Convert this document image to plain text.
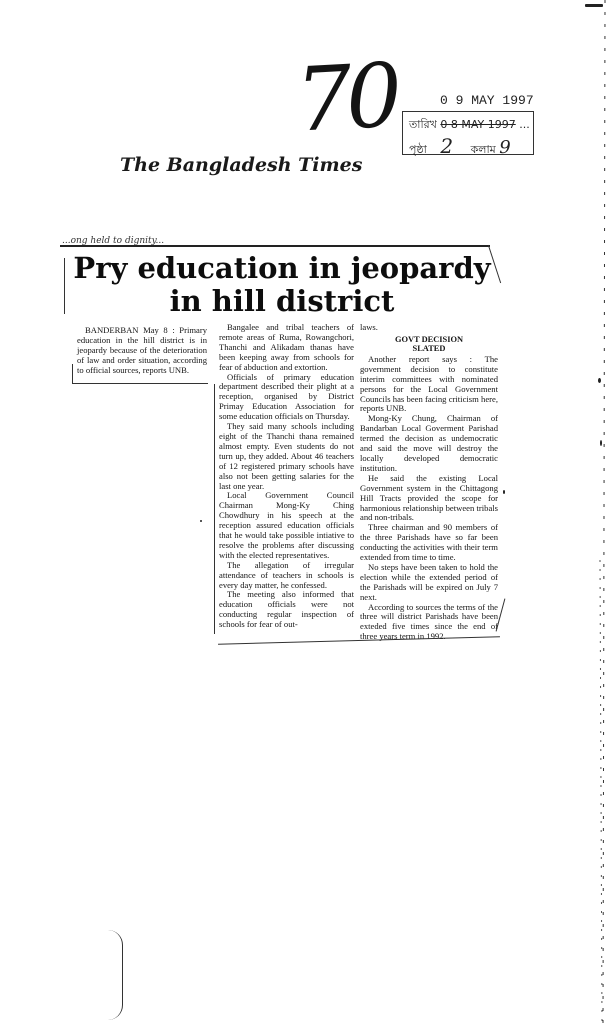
70	0 9 MAY 1997
তারিখ 0 8 MAY 1997 ...
পৃষ্ঠা 2 কলাম 9
The Bangladesh Times
...ong held to dignity...
Pry education in jeopardy
in hill district

BANDERBAN May 8 : Primary education in the hill district is in jeopardy because of the deterioration of law and order situation, according to official sources, reports UNB.

Bangalee and tribal teachers of remote areas of Ruma, Rowangchori, Thanchi and Alikadam thanas have been keeping away from schools for fear of abduction and extortion.

Officials of primary education department described their plight at a reception, organised by District Primay Education Association for some education officials on Thursday.

They said many schools including eight of the Thanchi thana remained almost empty. Even students do not turn up, they added. About 46 teachers of 12 registered primary schools have also not been getting salaries for the last one year.

Local Government Council Chairman Mong-Ky Ching Chowdhury in his speech at the reception assured education officials that he would take possible intiative to resolve the problems after discussing with the elected representatives.

The allegation of irregular attendance of teachers in schools is every day matter, he confessed.

The meeting also informed that education officials were not conducting regular inspection of schools for fear of out-

laws.

GOVT DECISION
SLATED

Another report says : The government decision to constitute interim committees with nominated persons for the Local Government Councils has been facing criticism here, reports UNB.

Mong-Ky Chung, Chairman of Bandarban Local Goverment Parishad termed the decision as undemocratic and said the move will destroy the locally developed democratic institution.

He said the existing Local Government system in the Chittagong Hill Tracts provided the scope for harmonious relationship between tribals and non-tribals.

Three chairman and 90 members of the three Parishads have so far been conducting the activities with their term extended from time to time.

No steps have been taken to hold the election while the extended period of the Parishads will be expired on July 7 next.

According to sources the terms of the three will district Parishads have been exteded five times since the end of three years term in 1992.
